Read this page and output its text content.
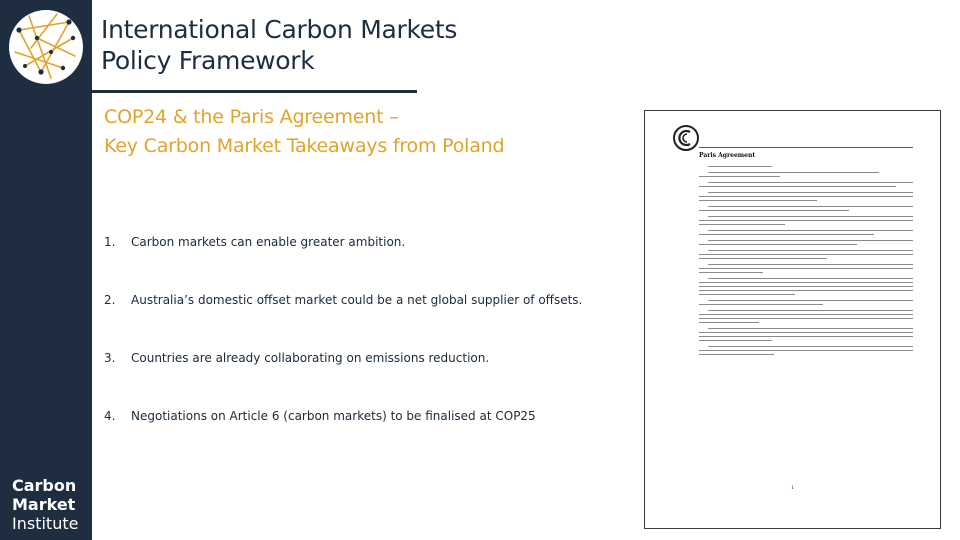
Carbon
Market
Institute
International Carbon Markets
Policy Framework
COP24 & the Paris Agreement –
Key Carbon Market Takeaways from Poland
1.	Carbon markets can enable greater ambition.
2.	Australia’s domestic offset market could be a net global supplier of offsets.
3.	Countries are already collaborating on emissions reduction.
4.	Negotiations on Article 6 (carbon markets) to be finalised at COP25
Paris Agreement
1
